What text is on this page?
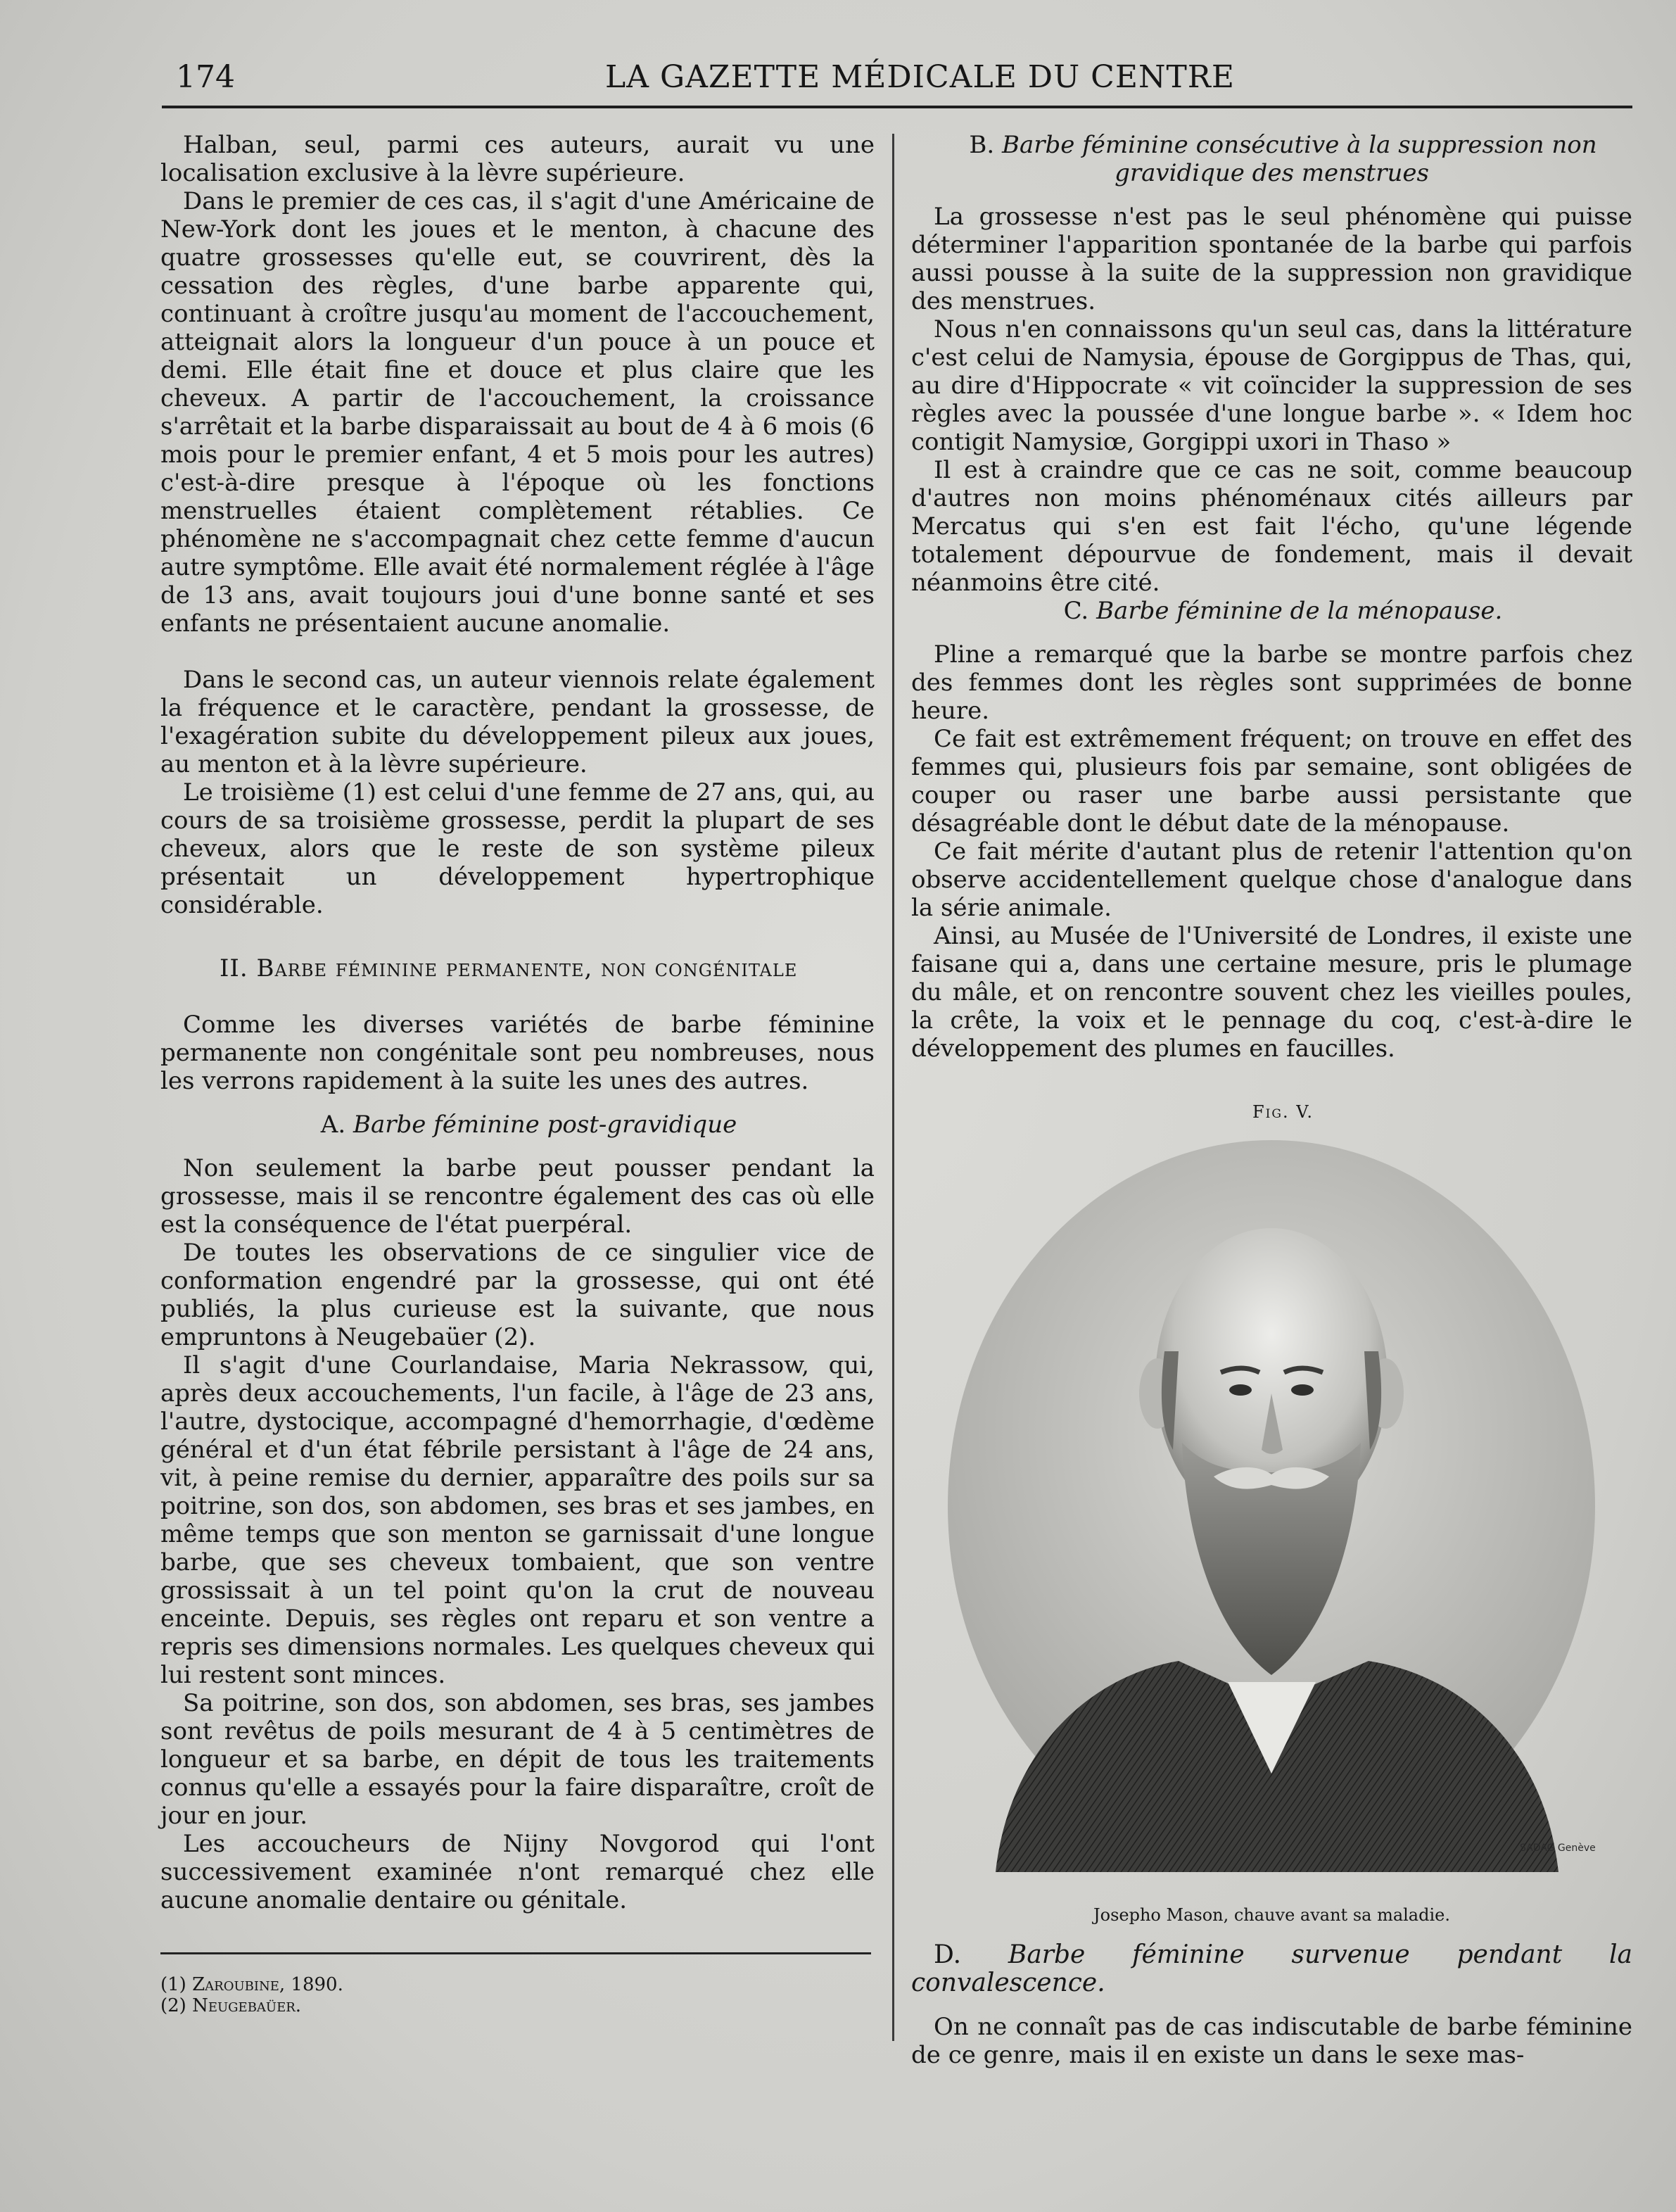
174	LA GAZETTE MÉDICALE DU CENTRE

Halban, seul, parmi ces auteurs, aurait vu une localisation exclusive à la lèvre supérieure.

Dans le premier de ces cas, il s'agit d'une Américaine de New-York dont les joues et le menton, à chacune des quatre grossesses qu'elle eut, se couvrirent, dès la cessation des règles, d'une barbe apparente qui, continuant à croître jusqu'au moment de l'accouchement, atteignait alors la longueur d'un pouce à un pouce et demi. Elle était fine et douce et plus claire que les cheveux. A partir de l'accouchement, la croissance s'arrêtait et la barbe disparaissait au bout de 4 à 6 mois (6 mois pour le premier enfant, 4 et 5 mois pour les autres) c'est-à-dire presque à l'époque où les fonctions menstruelles étaient complètement rétablies. Ce phénomène ne s'accompagnait chez cette femme d'aucun autre symptôme. Elle avait été normalement réglée à l'âge de 13 ans, avait toujours joui d'une bonne santé et ses enfants ne présentaient aucune anomalie.

Dans le second cas, un auteur viennois relate également la fréquence et le caractère, pendant la grossesse, de l'exagération subite du développement pileux aux joues, au menton et à la lèvre supérieure.

Le troisième (1) est celui d'une femme de 27 ans, qui, au cours de sa troisième grossesse, perdit la plupart de ses cheveux, alors que le reste de son système pileux présentait un développement hypertrophique considérable.

II. Barbe féminine permanente, non congénitale

Comme les diverses variétés de barbe féminine permanente non congénitale sont peu nombreuses, nous les verrons rapidement à la suite les unes des autres.

A. Barbe féminine post-gravidique

Non seulement la barbe peut pousser pendant la grossesse, mais il se rencontre également des cas où elle est la conséquence de l'état puerpéral.

De toutes les observations de ce singulier vice de conformation engendré par la grossesse, qui ont été publiés, la plus curieuse est la suivante, que nous empruntons à Neugebaüer (2).

Il s'agit d'une Courlandaise, Maria Nekrassow, qui, après deux accouchements, l'un facile, à l'âge de 23 ans, l'autre, dystocique, accompagné d'hemorrhagie, d'œdème général et d'un état fébrile persistant à l'âge de 24 ans, vit, à peine remise du dernier, apparaître des poils sur sa poitrine, son dos, son abdomen, ses bras et ses jambes, en même temps que son menton se garnissait d'une longue barbe, que ses cheveux tombaient, que son ventre grossissait à un tel point qu'on la crut de nouveau enceinte. Depuis, ses règles ont reparu et son ventre a repris ses dimensions normales. Les quelques cheveux qui lui restent sont minces.

Sa poitrine, son dos, son abdomen, ses bras, ses jambes sont revêtus de poils mesurant de 4 à 5 centimètres de longueur et sa barbe, en dépit de tous les traitements connus qu'elle a essayés pour la faire disparaître, croît de jour en jour.

Les accoucheurs de Nijny Novgorod qui l'ont successivement examinée n'ont remarqué chez elle aucune anomalie dentaire ou génitale.

(1) Zaroubine, 1890.
(2) Neugebaüer.

B. Barbe féminine consécutive à la suppression non gravidique des menstrues

La grossesse n'est pas le seul phénomène qui puisse déterminer l'apparition spontanée de la barbe qui parfois aussi pousse à la suite de la suppression non gravidique des menstrues.

Nous n'en connaissons qu'un seul cas, dans la littérature c'est celui de Namysia, épouse de Gorgippus de Thas, qui, au dire d'Hippocrate « vit coïncider la suppression de ses règles avec la poussée d'une longue barbe ». « Idem hoc contigit Namysiœ, Gorgippi uxori in Thaso »

Il est à craindre que ce cas ne soit, comme beaucoup d'autres non moins phénoménaux cités ailleurs par Mercatus qui s'en est fait l'écho, qu'une légende totalement dépourvue de fondement, mais il devait néanmoins être cité.

C. Barbe féminine de la ménopause.

Pline a remarqué que la barbe se montre parfois chez des femmes dont les règles sont supprimées de bonne heure.

Ce fait est extrêmement fréquent; on trouve en effet des femmes qui, plusieurs fois par semaine, sont obligées de couper ou raser une barbe aussi persistante que désagréable dont le début date de la ménopause.

Ce fait mérite d'autant plus de retenir l'attention qu'on observe accidentellement quelque chose d'analogue dans la série animale.

Ainsi, au Musée de l'Université de Londres, il existe une faisane qui a, dans une certaine mesure, pris le plumage du mâle, et on rencontre souvent chez les vieilles poules, la crête, la voix et le pennage du coq, c'est-à-dire le développement des plumes en faucilles.

Fig. V.

SADAG Genève
Josepho Mason, chauve avant sa maladie.

D. Barbe féminine survenue pendant la convalescence.

On ne connaît pas de cas indiscutable de barbe féminine de ce genre, mais il en existe un dans le sexe mas-
